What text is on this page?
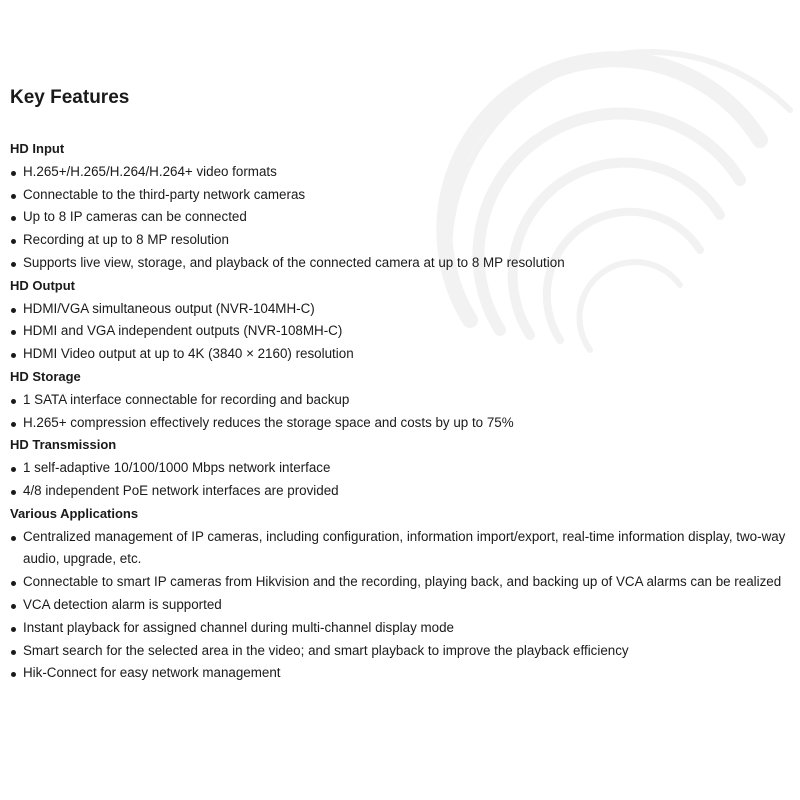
Key Features
HD Input
H.265+/H.265/H.264/H.264+ video formats
Connectable to the third-party network cameras
Up to 8 IP cameras can be connected
Recording at up to 8 MP resolution
Supports live view, storage, and playback of the connected camera at up to 8 MP resolution
HD Output
HDMI/VGA simultaneous output (NVR-104MH-C)
HDMI and VGA independent outputs (NVR-108MH-C)
HDMI Video output at up to 4K (3840 × 2160) resolution
HD Storage
1 SATA interface connectable for recording and backup
H.265+ compression effectively reduces the storage space and costs by up to 75%
HD Transmission
1 self-adaptive 10/100/1000 Mbps network interface
4/8 independent PoE network interfaces are provided
Various Applications
Centralized management of IP cameras, including configuration, information import/export, real-time information display, two-way audio, upgrade, etc.
Connectable to smart IP cameras from Hikvision and the recording, playing back, and backing up of VCA alarms can be realized
VCA detection alarm is supported
Instant playback for assigned channel during multi-channel display mode
Smart search for the selected area in the video; and smart playback to improve the playback efficiency
Hik-Connect for easy network management
